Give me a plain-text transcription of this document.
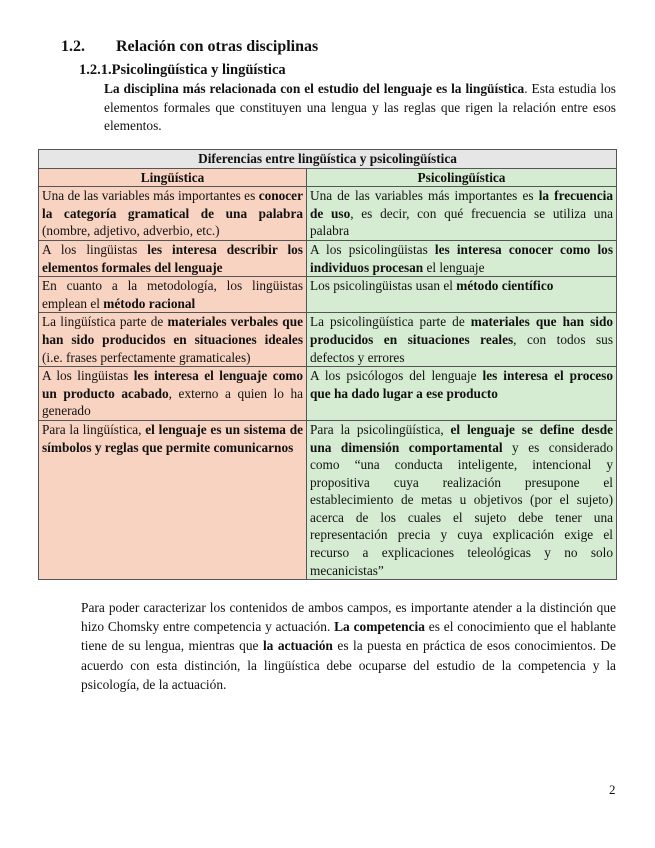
1.2. Relación con otras disciplinas
1.2.1.Psicolingüística y lingüística

La disciplina más relacionada con el estudio del lenguaje es la lingüística. Esta estudia los elementos formales que constituyen una lengua y las reglas que rigen la relación entre esos elementos.

Diferencias entre lingüística y psicolingüística	
Lingüística	Psicolingüística
Una de las variables más importantes es conocer la categoría gramatical de una palabra (nombre, adjetivo, adverbio, etc.)	Una de las variables más importantes es la frecuencia de uso, es decir, con qué frecuencia se utiliza una palabra
A los lingüistas les interesa describir los elementos formales del lenguaje	A los psicolingüistas les interesa conocer como los individuos procesan el lenguaje
En cuanto a la metodología, los lingüistas emplean el método racional	Los psicolingüistas usan el método científico
La lingüística parte de materiales verbales que han sido producidos en situaciones ideales (i.e. frases perfectamente gramaticales)	La psicolingüística parte de materiales que han sido producidos en situaciones reales, con todos sus defectos y errores
A los lingüistas les interesa el lenguaje como un producto acabado, externo a quien lo ha generado	A los psicólogos del lenguaje les interesa el proceso que ha dado lugar a ese producto
Para la lingüística, el lenguaje es un sistema de símbolos y reglas que permite comunicarnos	Para la psicolingüística, el lenguaje se define desde una dimensión comportamental y es considerado como “una conducta inteligente, intencional y propositiva cuya realización presupone el establecimiento de metas u objetivos (por el sujeto) acerca de los cuales el sujeto debe tener una representación precia y cuya explicación exige el recurso a explicaciones teleológicas y no solo mecanicistas”

Para poder caracterizar los contenidos de ambos campos, es importante atender a la distinción que hizo Chomsky entre competencia y actuación. La competencia es el conocimiento que el hablante tiene de su lengua, mientras que la actuación es la puesta en práctica de esos conocimientos. De acuerdo con esta distinción, la lingüística debe ocuparse del estudio de la competencia y la psicología, de la actuación.

2
